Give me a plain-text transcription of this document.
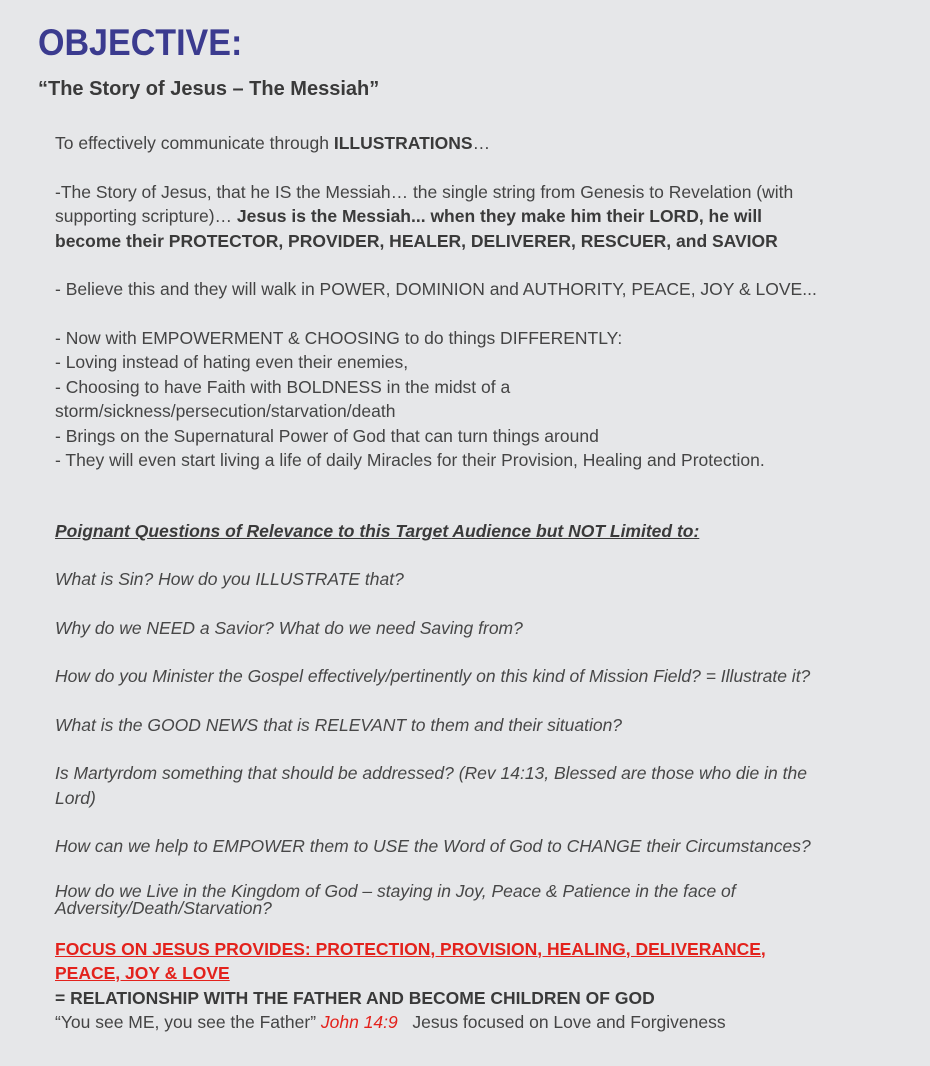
OBJECTIVE:
“The Story of Jesus – The Messiah”

To effectively communicate through ILLUSTRATIONS…

-The Story of Jesus, that he IS the Messiah… the single string from Genesis to Revelation (with
supporting scripture)… Jesus is the Messiah... when they make him their LORD, he will
become their PROTECTOR, PROVIDER, HEALER, DELIVERER, RESCUER, and SAVIOR

- Believe this and they will walk in POWER, DOMINION and AUTHORITY, PEACE, JOY & LOVE...

- Now with EMPOWERMENT & CHOOSING to do things DIFFERENTLY:
- Loving instead of hating even their enemies,
- Choosing to have Faith with BOLDNESS in the midst of a
storm/sickness/persecution/starvation/death
- Brings on the Supernatural Power of God that can turn things around
- They will even start living a life of daily Miracles for their Provision, Healing and Protection.

Poignant Questions of Relevance to this Target Audience but NOT Limited to:

What is Sin? How do you ILLUSTRATE that?

Why do we NEED a Savior? What do we need Saving from?

How do you Minister the Gospel effectively/pertinently on this kind of Mission Field? = Illustrate it?

What is the GOOD NEWS that is RELEVANT to them and their situation?

Is Martyrdom something that should be addressed? (Rev 14:13, Blessed are those who die in the Lord)

How can we help to EMPOWER them to USE the Word of God to CHANGE their Circumstances?

How do we Live in the Kingdom of God – staying in Joy, Peace & Patience in the face of
Adversity/Death/Starvation?

FOCUS ON JESUS PROVIDES: PROTECTION, PROVISION, HEALING, DELIVERANCE, PEACE, JOY & LOVE

= RELATIONSHIP WITH THE FATHER AND BECOME CHILDREN OF GOD

“You see ME, you see the Father” John 14:9   Jesus focused on Love and Forgiveness
